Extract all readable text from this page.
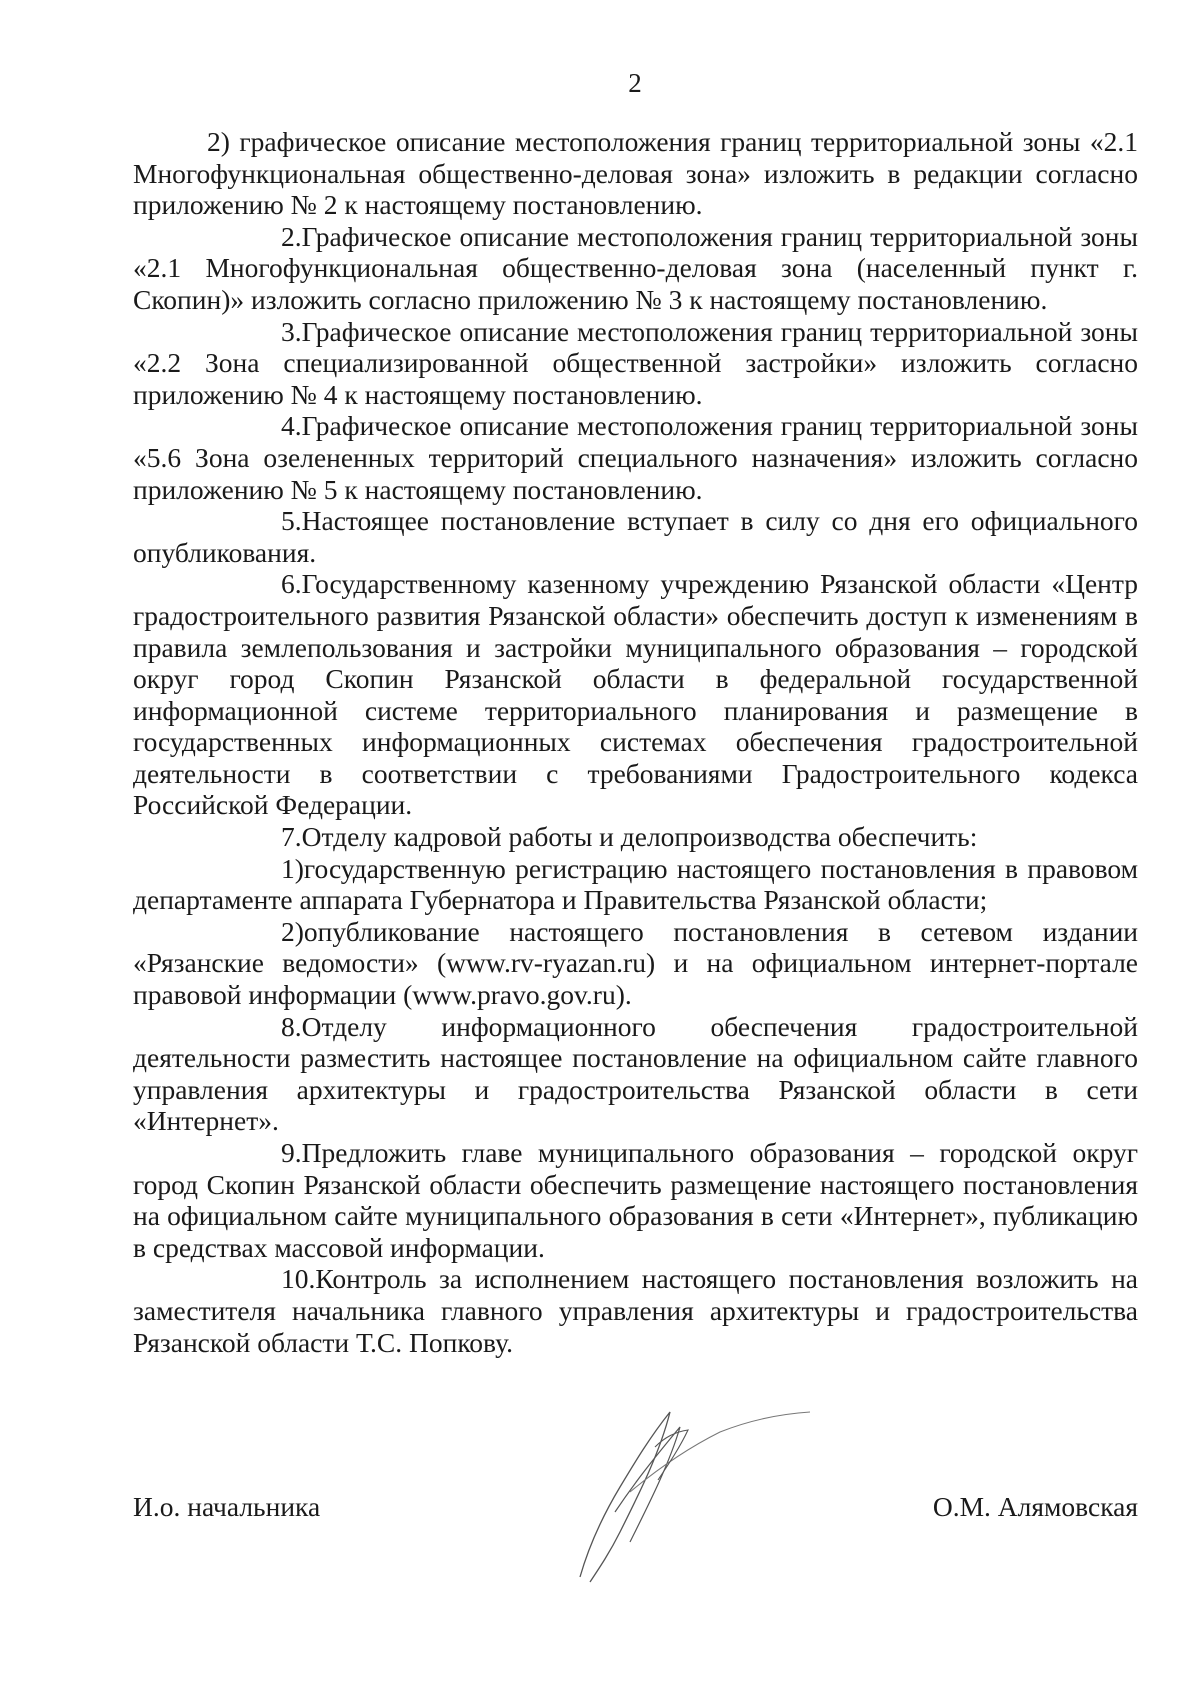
2

2) графическое описание местоположения границ территориальной зоны «2.1 Многофункциональная общественно-деловая зона» изложить в редакции согласно приложению № 2 к настоящему постановлению.

2.Графическое описание местоположения границ территориальной зоны «2.1 Многофункциональная общественно-деловая зона (населенный пункт г. Скопин)» изложить согласно приложению № 3 к настоящему постановлению.

3.Графическое описание местоположения границ территориальной зоны «2.2 Зона специализированной общественной застройки» изложить согласно приложению № 4 к настоящему постановлению.

4.Графическое описание местоположения границ территориальной зоны «5.6 Зона озелененных территорий специального назначения» изложить согласно приложению № 5 к настоящему постановлению.

5.Настоящее постановление вступает в силу со дня его официального опубликования.

6.Государственному казенному учреждению Рязанской области «Центр градостроительного развития Рязанской области» обеспечить доступ к изменениям в правила землепользования и застройки муниципального образования – городской округ город Скопин Рязанской области в федеральной государственной информационной системе территориального планирования и размещение в государственных информационных системах обеспечения градостроительной деятельности в соответствии с требованиями Градостроительного кодекса Российской Федерации.

7.Отделу кадровой работы и делопроизводства обеспечить:

1)государственную регистрацию настоящего постановления в правовом департаменте аппарата Губернатора и Правительства Рязанской области;

2)опубликование настоящего постановления в сетевом издании «Рязанские ведомости» (www.rv-ryazan.ru) и на официальном интернет-портале правовой информации (www.pravo.gov.ru).

8.Отделу информационного обеспечения градостроительной деятельности разместить настоящее постановление на официальном сайте главного управления архитектуры и градостроительства Рязанской области в сети «Интернет».

9.Предложить главе муниципального образования – городской округ город Скопин Рязанской области обеспечить размещение настоящего постановления на официальном сайте муниципального образования в сети «Интернет», публикацию в средствах массовой информации.

10.Контроль за исполнением настоящего постановления возложить на заместителя начальника главного управления архитектуры и градостроительства Рязанской области Т.С. Попкову.

И.о. начальника	О.М. Алямовская
